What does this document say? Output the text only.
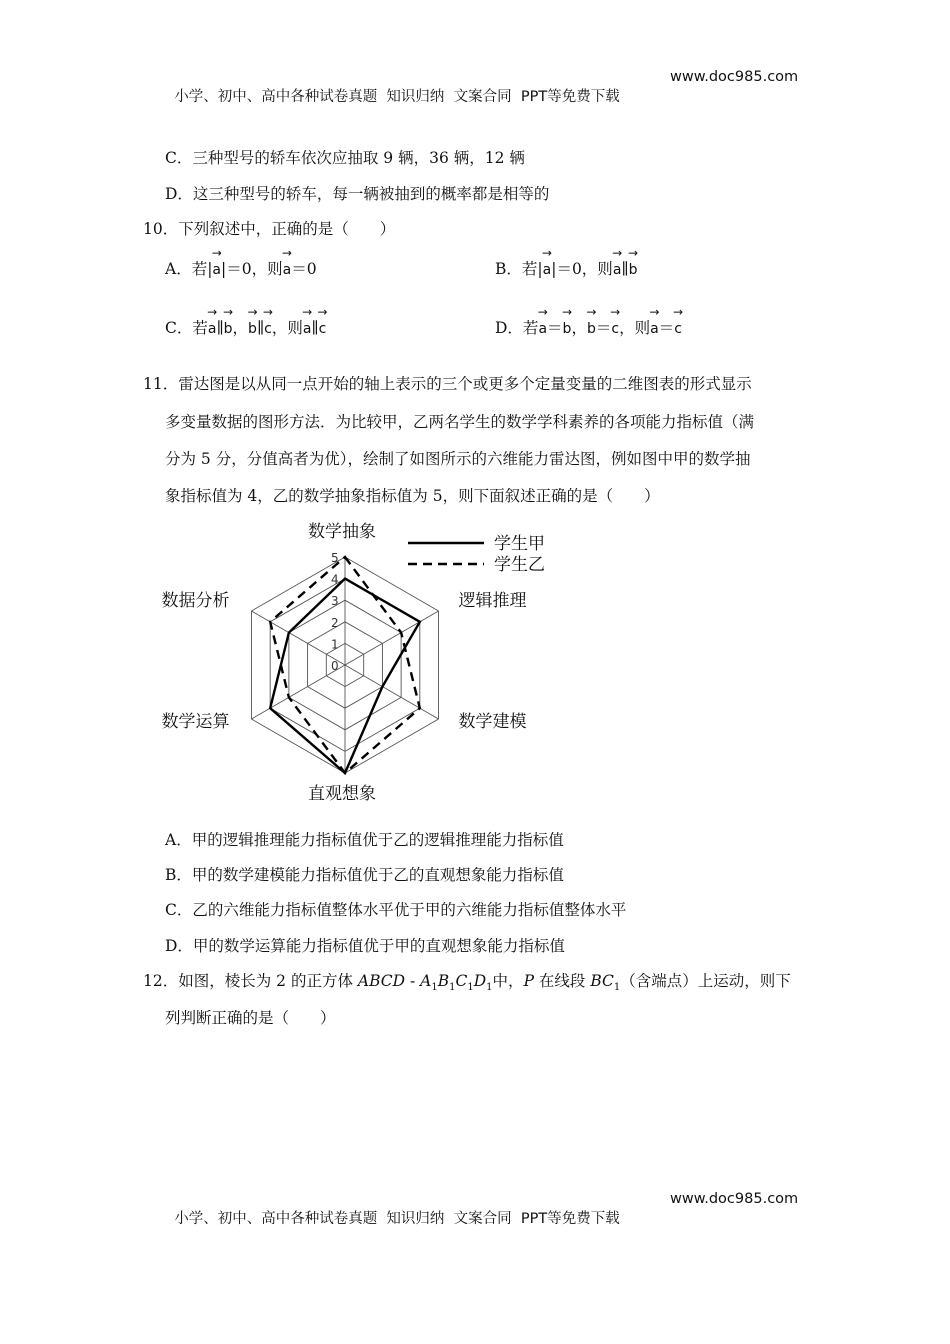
小学、初中、高中各种试卷真题  知识归纳  文案合同  PPT等免费下载

www.doc985.com

C．三种型号的轿车依次应抽取 9 辆，36 辆，12 辆
D．这三种型号的轿车，每一辆被抽到的概率都是相等的
10．下列叙述中，正确的是（　　）
A．若|→ a|＝0，则→ a＝0	B．若|→ a|＝0，则→ a∥→ b
C．若→ a∥→ b，→ b∥→ c，则→ a∥→ c	D．若→ a＝→ b，→ b＝→ c，则→ a＝→ c
11．雷达图是以从同一点开始的轴上表示的三个或更多个定量变量的二维图表的形式显示
多变量数据的图形方法．为比较甲，乙两名学生的数学学科素养的各项能力指标值（满
分为 5 分，分值高者为优），绘制了如图所示的六维能力雷达图，例如图中甲的数学抽
象指标值为 4，乙的数学抽象指标值为 5，则下面叙述正确的是（　　）
0
1
2
3
4
5
数学抽象
逻辑推理
数学建模
直观想象
数学运算
数据分析
学生甲
学生乙
A．甲的逻辑推理能力指标值优于乙的逻辑推理能力指标值
B．甲的数学建模能力指标值优于乙的直观想象能力指标值
C．乙的六维能力指标值整体水平优于甲的六维能力指标值整体水平
D．甲的数学运算能力指标值优于甲的直观想象能力指标值
12．如图，棱长为 2 的正方体 ABCD - $A_1B_1C_1D_1$中，P 在线段 $BC_1$（含端点）上运动，则下
列判断正确的是（　　）

小学、初中、高中各种试卷真题  知识归纳  文案合同  PPT等免费下载

www.doc985.com
